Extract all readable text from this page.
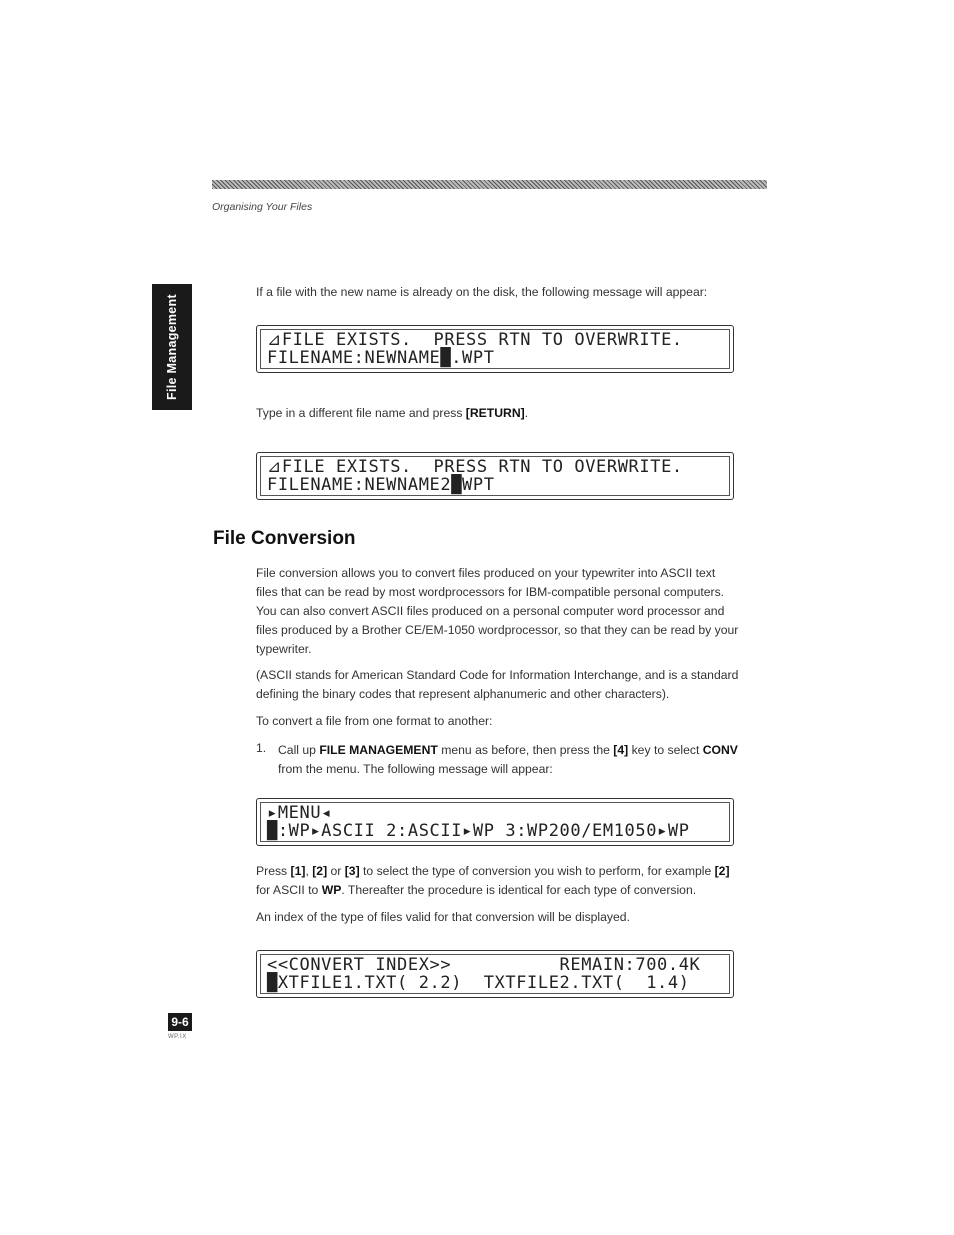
Organising Your Files
File Management

If a file with the new name is already on the disk, the following message will appear:

⊿FILE EXISTS.  PRESS RTN TO OVERWRITE.
FILENAME:NEWNAME█.WPT

Type in a different file name and press [RETURN].

⊿FILE EXISTS.  PRESS RTN TO OVERWRITE.
FILENAME:NEWNAME2█WPT
File Conversion

File conversion allows you to convert files produced on your typewriter into ASCII text files that can be read by most wordprocessors for IBM-compatible personal computers. You can also convert ASCII files produced on a personal computer word processor and files produced by a Brother CE/EM-1050 wordprocessor, so that they can be read by your typewriter.

(ASCII stands for American Standard Code for Information Interchange, and is a standard defining the binary codes that represent alphanumeric and other characters).

To convert a file from one format to another:

1. Call up FILE MANAGEMENT menu as before, then press the [4] key to select CONV from the menu. The following message will appear:

▸MENU◂
█:WP▸ASCII 2:ASCII▸WP 3:WP200/EM1050▸WP

Press [1], [2] or [3] to select the type of conversion you wish to perform, for example [2] for ASCII to WP. Thereafter the procedure is identical for each type of conversion.

An index of the type of files valid for that conversion will be displayed.

<<CONVERT INDEX>>          REMAIN:700.4K
█XTFILE1.TXT( 2.2)  TXTFILE2.TXT(  1.4)
9-6
WP.IX
